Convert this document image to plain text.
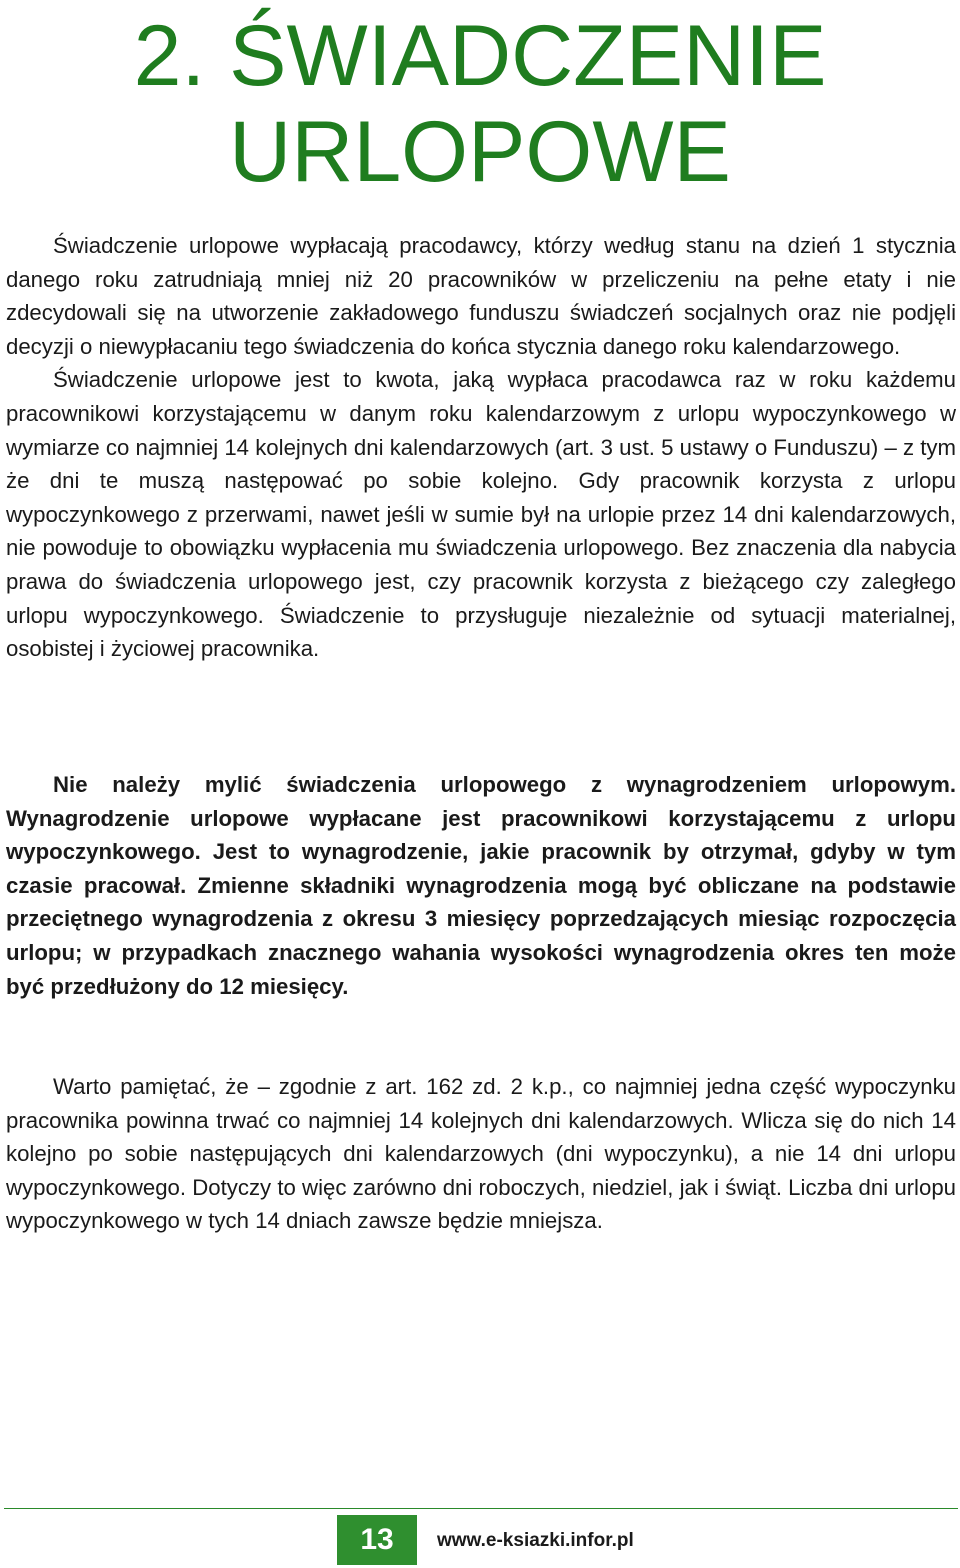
2. ŚWIADCZENIE
URLOPOWE

Świadczenie urlopowe wypłacają pracodawcy, którzy według stanu na dzień 1 stycznia danego roku zatrudniają mniej niż 20 pracowników w przeliczeniu na pełne etaty i nie zdecydowali się na utworzenie zakładowego funduszu świadczeń socjalnych oraz nie podjęli decyzji o niewypłacaniu tego świadczenia do końca stycznia danego roku kalendarzowego.

Świadczenie urlopowe jest to kwota, jaką wypłaca pracodawca raz w roku każdemu pracownikowi korzystającemu w danym roku kalendarzowym z urlopu wypoczynkowego w wymiarze co najmniej 14 kolejnych dni kalendarzowych (art. 3 ust. 5 ustawy o Funduszu) – z tym że dni te muszą następować po sobie kolejno. Gdy pracownik korzysta z urlopu wypoczynkowego z przerwami, nawet jeśli w sumie był na urlopie przez 14 dni kalendarzowych, nie powoduje to obowiązku wypłacenia mu świadczenia urlopowego. Bez znaczenia dla nabycia prawa do świadczenia urlopowego jest, czy pracownik korzysta z bieżącego czy zaległego urlopu wypoczynkowego. Świadczenie to przysługuje niezależnie od sytuacji materialnej, osobistej i życiowej pracownika.

Nie należy mylić świadczenia urlopowego z wynagrodzeniem urlopowym. Wynagrodzenie urlopowe wypłacane jest pracownikowi korzystającemu z urlopu wypoczynkowego. Jest to wynagrodzenie, jakie pracownik by otrzymał, gdyby w tym czasie pracował. Zmienne składniki wynagrodzenia mogą być obliczane na podstawie przeciętnego wynagrodzenia z okresu 3 miesięcy poprzedzających miesiąc rozpoczęcia urlopu; w przypadkach znacznego wahania wysokości wynagrodzenia okres ten może być przedłużony do 12 miesięcy.

Warto pamiętać, że – zgodnie z art. 162 zd. 2 k.p., co najmniej jedna część wypoczynku pracownika powinna trwać co najmniej 14 kolejnych dni kalendarzowych. Wlicza się do nich 14 kolejno po sobie następujących dni kalendarzowych (dni wypoczynku), a nie 14 dni urlopu wypoczynkowego. Dotyczy to więc zarówno dni roboczych, niedziel, jak i świąt. Liczba dni urlopu wypoczynkowego w tych 14 dniach zawsze będzie mniejsza.

13	www.e-ksiazki.infor.pl
